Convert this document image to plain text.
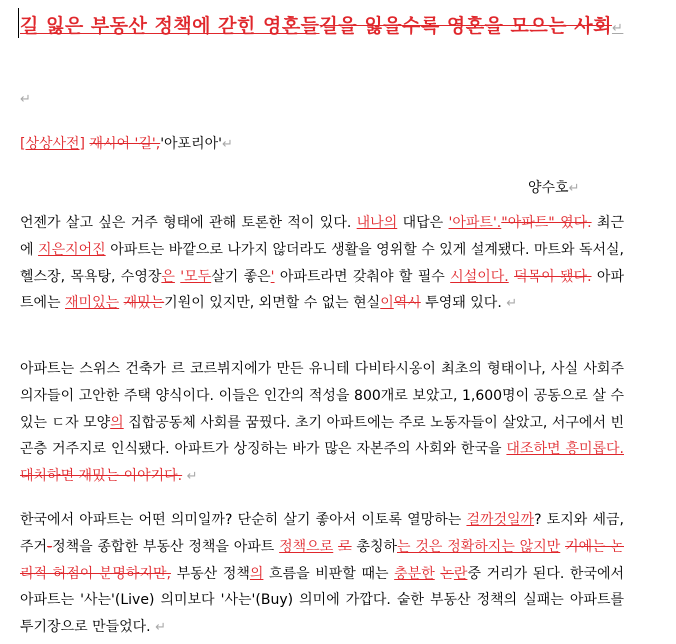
길 잃은 부동산 정책에 갇힌 영혼들길을 잃을수록 영혼을 모으는 사회↵
↵
[상상사전] 재시어 '길','아포리아'↵
양수호↵
언젠가 살고 싶은 거주 형태에 관해 토론한 적이 있다. 내나의 대답은 '아파트'."아파트" 였다. 최근에 지은지어진 아파트는 바깥으로 나가지 않더라도 생활을 영위할 수 있게 설계됐다. 마트와 독서실, 헬스장, 목욕탕, 수영장은 '모두살기 좋은' 아파트라면 갖춰야 할 필수 시설이다. 덕목이 됐다. 아파트에는 재미있는 재밌는기원이 있지만, 외면할 수 없는 현실이역시 투영돼 있다. ↵
아파트는 스위스 건축가 르 코르뷔지에가 만든 유니테 다비타시옹이 최초의 형태이나, 사실 사회주의자들이 고안한 주택 양식이다. 이들은 인간의 적성을 800개로 보았고, 1,600명이 공동으로 살 수 있는 ㄷ자 모양의 집합공동체 사회를 꿈꿨다. 초기 아파트에는 주로 노동자들이 살았고, 서구에서 빈곤층 거주지로 인식됐다. 아파트가 상징하는 바가 많은 자본주의 사회와 한국을 대조하면 흥미롭다. 대치하면 재밌는 이야기다. ↵
한국에서 아파트는 어떤 의미일까? 단순히 살기 좋아서 이토록 열망하는 걸까것일까? 토지와 세금, 주거-정책을 종합한 부동산 정책을 아파트 정책으로 로 총칭하는 것은 정확하지는 않지만 기에는 논리적 허점이 분명하지만, 부동산 정책의 흐름을 비판할 때는 충분한 논란중 거리가 된다. 한국에서 아파트는 '사는'(Live) 의미보다 '사는'(Buy) 의미에 가깝다. 숱한 부동산 정책의 실패는 아파트를 투기장으로 만들었다. ↵
